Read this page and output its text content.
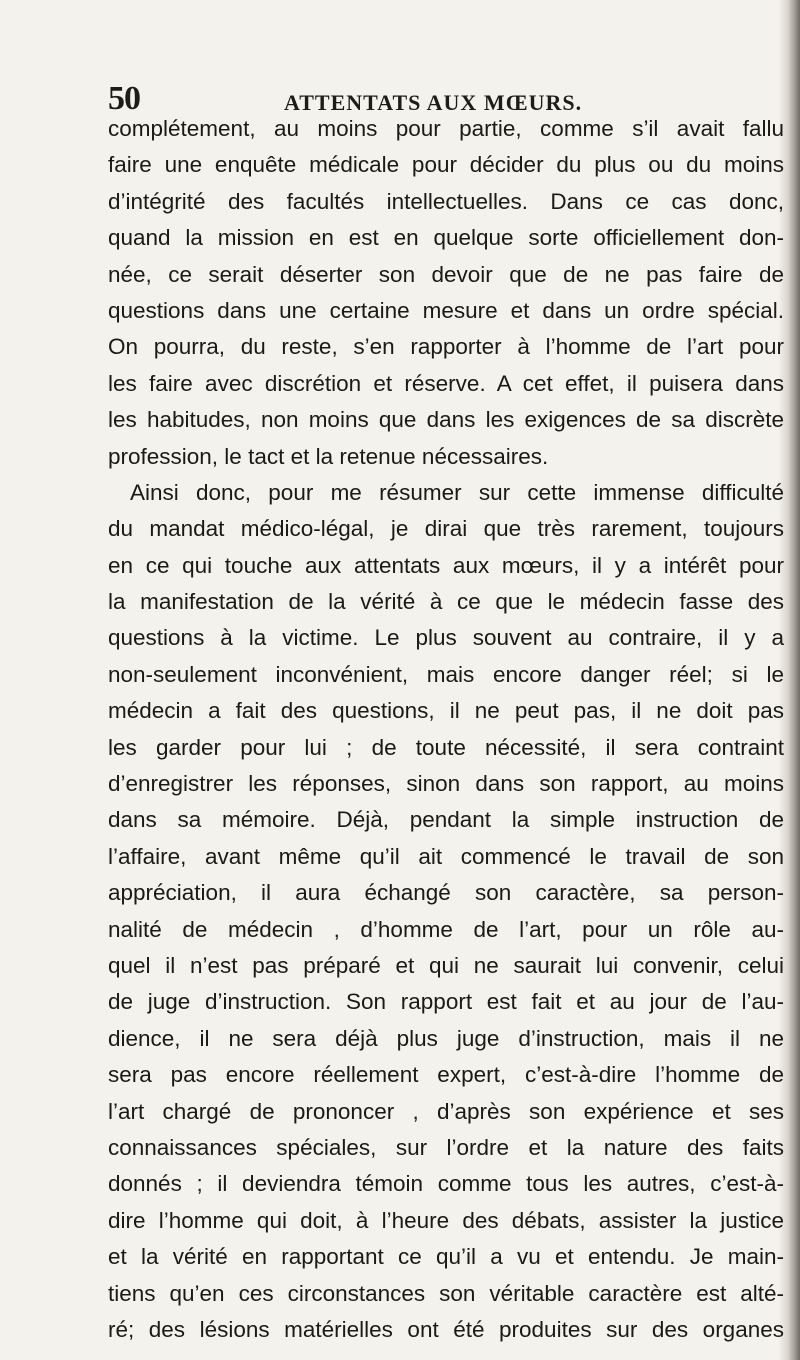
50	ATTENTATS AUX MŒURS.
complétement, au moins pour partie, comme s’il avait fallu
faire une enquête médicale pour décider du plus ou du moins
d’intégrité des facultés intellectuelles. Dans ce cas donc,
quand la mission en est en quelque sorte officiellement don-
née, ce serait déserter son devoir que de ne pas faire de
questions dans une certaine mesure et dans un ordre spécial.
On pourra, du reste, s’en rapporter à l’homme de l’art pour
les faire avec discrétion et réserve. A cet effet, il puisera dans
les habitudes, non moins que dans les exigences de sa discrète
profession, le tact et la retenue nécessaires.
Ainsi donc, pour me résumer sur cette immense difficulté
du mandat médico-légal, je dirai que très rarement, toujours
en ce qui touche aux attentats aux mœurs, il y a intérêt pour
la manifestation de la vérité à ce que le médecin fasse des
questions à la victime. Le plus souvent au contraire, il y a
non-seulement inconvénient, mais encore danger réel; si le
médecin a fait des questions, il ne peut pas, il ne doit pas
les garder pour lui ; de toute nécessité, il sera contraint
d’enregistrer les réponses, sinon dans son rapport, au moins
dans sa mémoire. Déjà, pendant la simple instruction de
l’affaire, avant même qu’il ait commencé le travail de son
appréciation, il aura échangé son caractère, sa person-
nalité de médecin , d’homme de l’art, pour un rôle au-
quel il n’est pas préparé et qui ne saurait lui convenir, celui
de juge d’instruction. Son rapport est fait et au jour de l’au-
dience, il ne sera déjà plus juge d’instruction, mais il ne
sera pas encore réellement expert, c’est-à-dire l’homme de
l’art chargé de prononcer , d’après son expérience et ses
connaissances spéciales, sur l’ordre et la nature des faits
donnés ; il deviendra témoin comme tous les autres, c’est-à-
dire l’homme qui doit, à l’heure des débats, assister la justice
et la vérité en rapportant ce qu’il a vu et entendu. Je main-
tiens qu’en ces circonstances son véritable caractère est alté-
ré; des lésions matérielles ont été produites sur des organes
